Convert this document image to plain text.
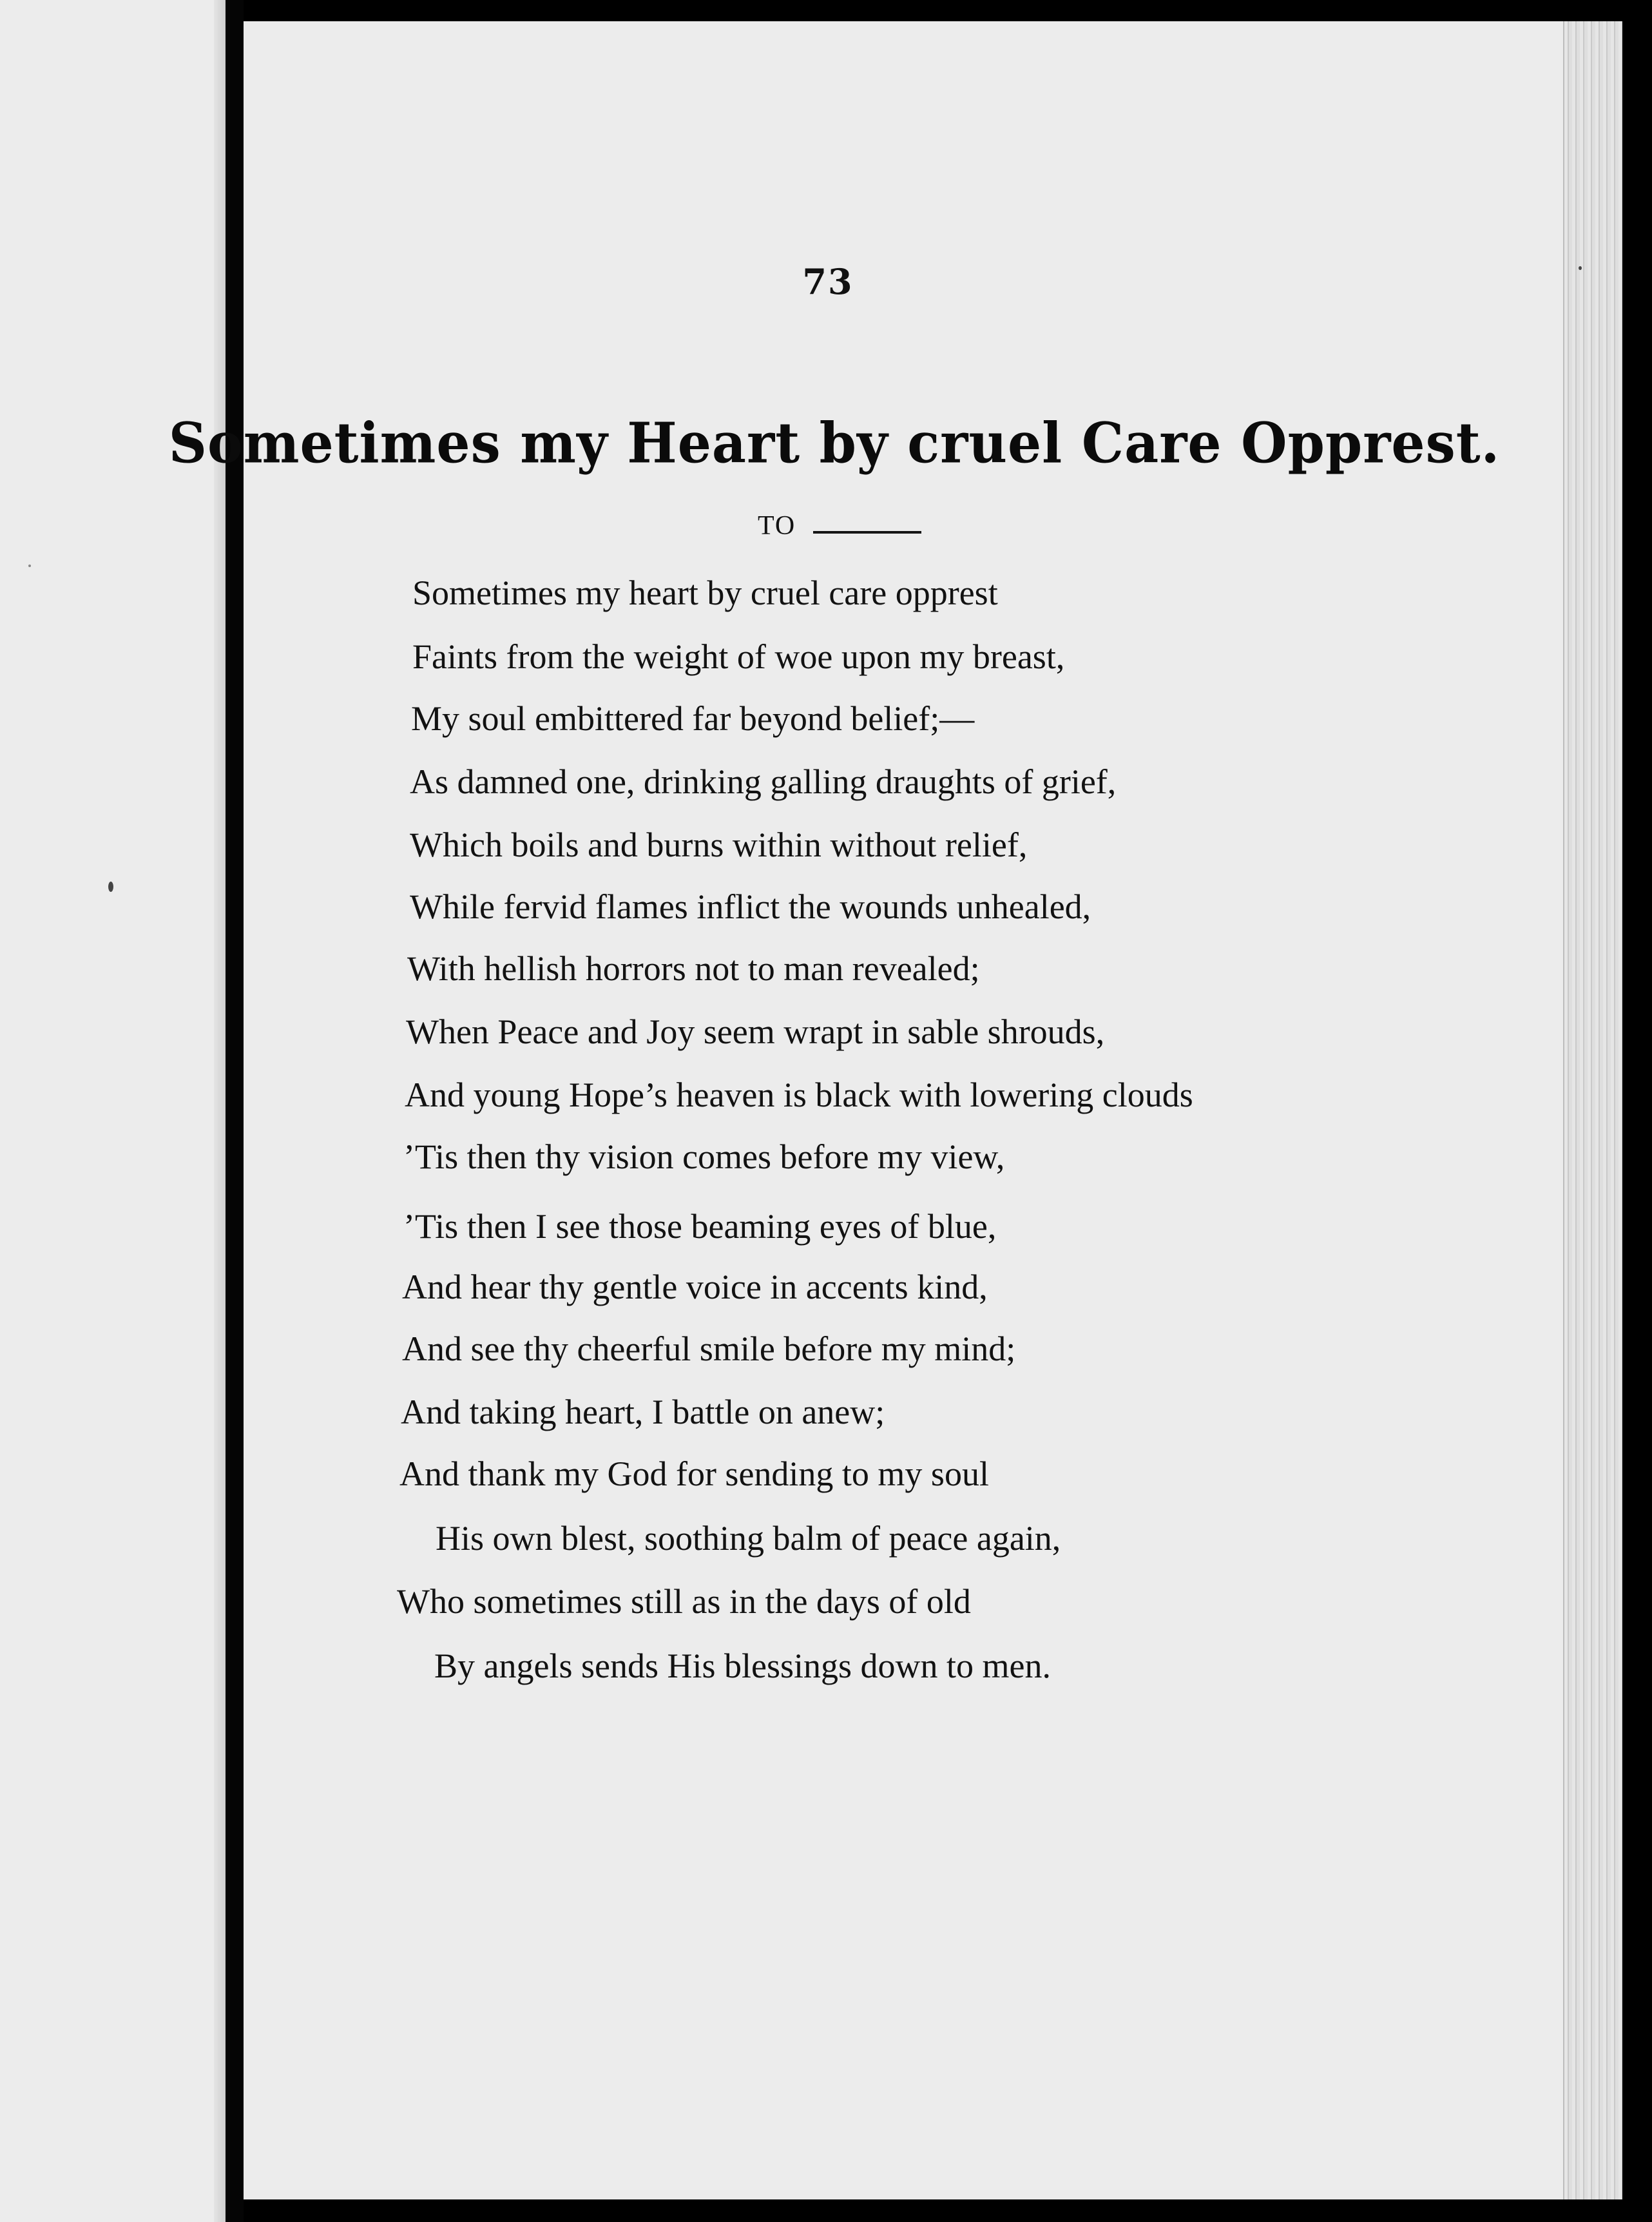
73
Sometimes my Heart by cruel Care Opprest.
TO
Sometimes my heart by cruel care opprest
Faints from the weight of woe upon my breast,
My soul embittered far beyond belief;—
As damned one, drinking galling draughts of grief,
Which boils and burns within without relief,
While fervid flames inflict the wounds unhealed,
With hellish horrors not to man revealed;
When Peace and Joy seem wrapt in sable shrouds,
And young Hope’s heaven is black with lowering clouds
’Tis then thy vision comes before my view,
’Tis then I see those beaming eyes of blue,
And hear thy gentle voice in accents kind,
And see thy cheerful smile before my mind;
And taking heart, I battle on anew;
And thank my God for sending to my soul
His own blest, soothing balm of peace again,
Who sometimes still as in the days of old
By angels sends His blessings down to men.
